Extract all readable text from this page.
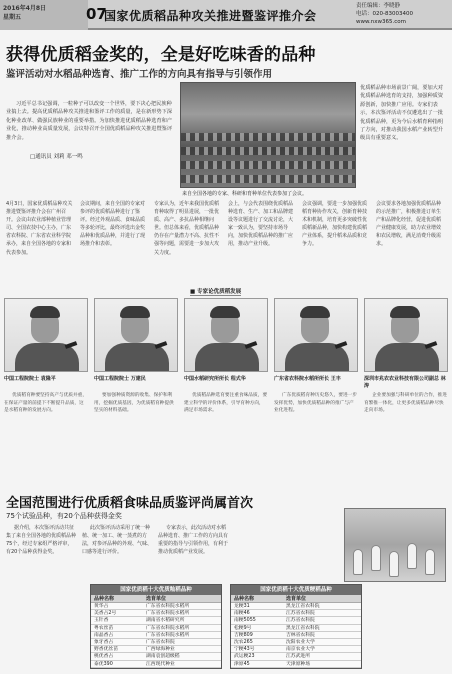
2016年4月8日
星期五	07
国家优质稻品种攻关推进暨鉴评推介会
责任编辑：李晓静
电话：020-83003400
www.nxw365.com
获得优质稻金奖的，全是好吃味香的品种
鉴评活动对水稻品种选育、推广工作的方向具有指导与引领作用
习近平总书记强调，一粒种子可以改变一个世界，要下决心把民族种业搞上去。提高优质稻品种攻关推进和鉴评工作的质量，是在新形势下深化种业改革、做强民族种业的重要举措。为加快推进优质稻品种选育和产业化，推动种业高质量发展，会议特召开全国优质稻品种攻关推进暨鉴评推介会。
□通讯员 刘莉 邓一鸣
来自全国各地的专家、科研和育种单位代表参加了会议。
优质稻品种市场前景广阔，要加大对优质稻品种选育的支持，加强种质资源创新，加快推广应用。专家们表示，本次鉴评活动不仅遴选出了一批优质稻品种，更为今后水稻育种指明了方向，对推动我国水稻产业转型升级具有重要意义。
4月3日，国家优质稻品种攻关推进暨鉴评推介会在广州召开。会议由农业部种植业管理司、全国农技中心主办，广东省农科院、广东省农业科学院承办，来自全国各地的专家和代表参加。
会议期间，来自全国的专家对参评的优质稻品种进行了鉴评。经过外观品质、食味品质等多轮评比，最终评选出金奖品种和优质品种，并进行了现场推介和表彰。
专家认为，近年来我国优质稻育种取得了明显进展，一批优质、高产、多抗品种相继问世。但总体来看，优质稻品种仍存在产量潜力不高、抗性不强等问题，需要进一步加大攻关力度。
会上，与会代表围绕优质稻品种选育、生产、加工和品牌建设等议题进行了交流讨论，大家一致认为，要坚持市场导向，加快优质稻品种的推广应用，推动产业升级。
会议强调，要进一步加强优质稻育种协作攻关，创新育种技术和机制，培育更多突破性优质稻新品种，加快构建优质稻产业体系，提升稻米品质和竞争力。
会议要求各地加强优质稻品种的示范推广，积极推进订单生产和品牌化经营，促进优质稻产业健康发展，助力农业增效和农民增收，满足消费升级需求。
■ 专家论优质稻发展
中国工程院院士 袁隆平
优质稻育种要坚持高产与优质并重，在保证产量的前提下不断提升品质，这是水稻育种的发展方向。
中国工程院院士 万建民
要加强种质资源的收集、保护和利用，挖掘优质基因，为优质稻育种提供坚实的材料基础。
中国水稻研究所所长 程式华
优质稻品种选育要注重食味品质，要建立科学的评价体系，引导育种方向，满足市场需求。
广东省农科院水稻所所长 王丰
广东优质稻育种历史悠久，要进一步发挥优势，加快优质稻品种的推广与产业化进程。
深圳市兆农农业科技有限公司副总 林涛
企业要加强与科研单位的合作，推进育繁推一体化，让更多优质稻品种尽快走向市场。
全国范围进行优质稻食味品质鉴评尚属首次
75个试验品种，有20个品种获得金奖
据介绍，本次鉴评活动共征集了来自全国各地的优质稻品种75个，经过专家组严格评审，有20个品种获得金奖。
此次鉴评活动采用了统一种植、统一加工、统一蒸煮的方法，对参评品种的外观、气味、口感等进行评价。
专家表示，此次活动对水稻品种选育、推广工作的方向具有重要的指导与引领作用，有利于推动优质稻产业发展。
国家优质稻十大优质籼稻品种
品种名称	选育单位
黄华占	广东省农科院水稻所
美香占2号	广东省农科院水稻所
玉针香	湖南省水稻研究所
粤农丝苗	广东省农科院水稻所
南晶香占	广东省农科院水稻所
象牙香占	广东省农科院
野香优丝苗	广西绿海种业
桃优香占	湖南袁创超级稻
泰优390	江西现代种业
国家优质稻十大优质粳稻品种
品种名称	选育单位
龙粳31	黑龙江省农科院
南粳46	江苏省农科院
南粳5055	江苏省农科院
松粳9号	黑龙江省农科院
吉粳809	吉林省农科院
沈农265	沈阳农业大学
宁粳43号	南京农业大学
武运粳23	江苏武进所
津原45	天津原种场
